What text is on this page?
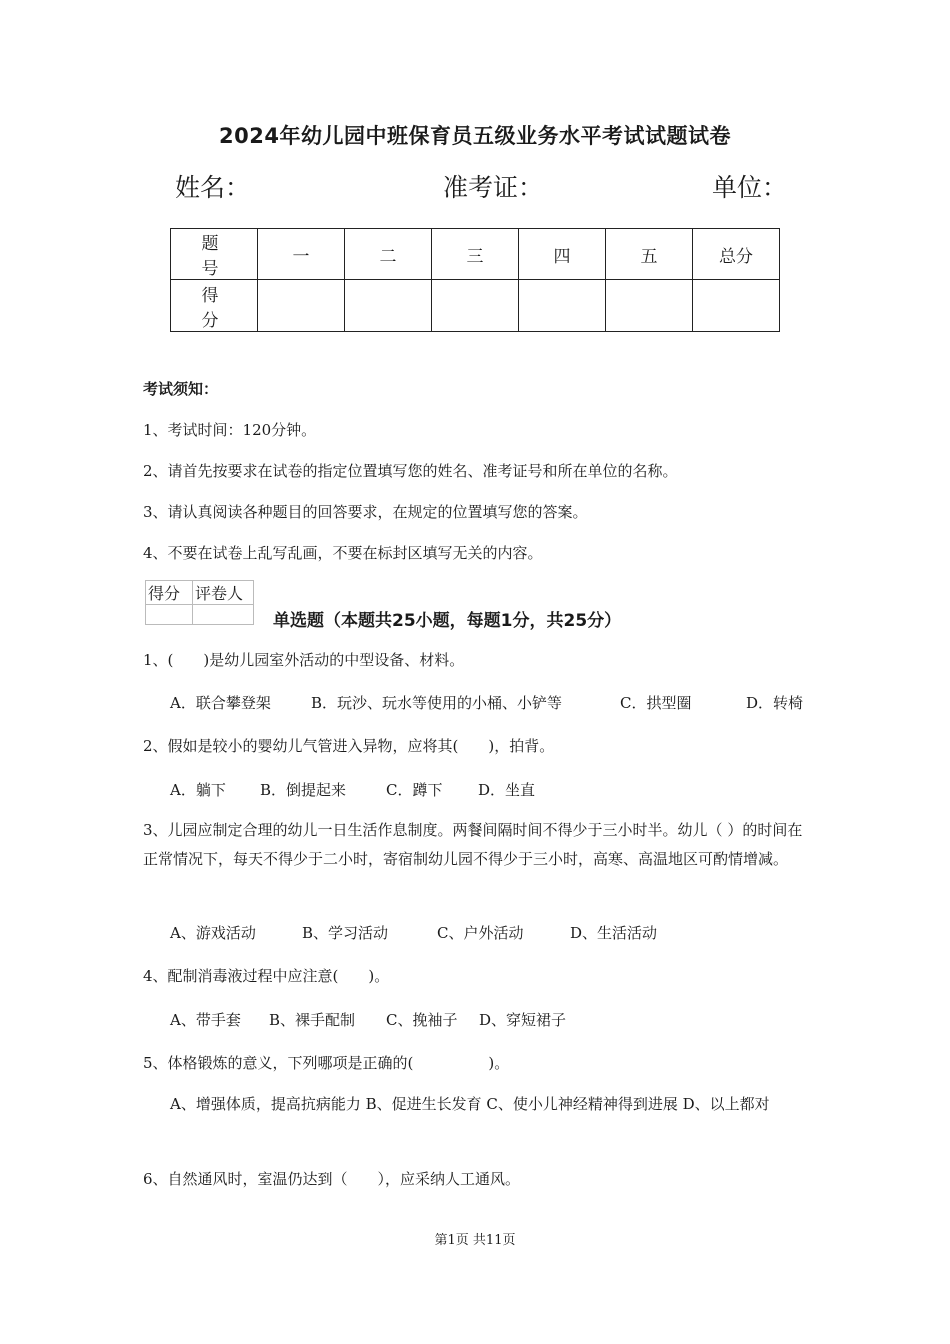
2024年幼儿园中班保育员五级业务水平考试试题试卷
姓名：	准考证：	单位：
题 号	一	二	三	四	五	总分
得 分						
考试须知：
1、考试时间：120分钟。
2、请首先按要求在试卷的指定位置填写您的姓名、准考证号和所在单位的名称。
3、请认真阅读各种题目的回答要求，在规定的位置填写您的答案。
4、不要在试卷上乱写乱画，不要在标封区填写无关的内容。
得分	评卷人

单选题（本题共25小题，每题1分，共25分）
1、(　　)是幼儿园室外活动的中型设备、材料。
A．联合攀登架	B．玩沙、玩水等使用的小桶、小铲等	C．拱型圈	D．转椅
2、假如是较小的婴幼儿气管进入异物，应将其(　　)，拍背。
A．躺下 B．倒提起来	C．蹲下 D．坐直
3、儿园应制定合理的幼儿一日生活作息制度。两餐间隔时间不得少于三小时半。幼儿（ ）的时间在正常情况下，每天不得少于二小时，寄宿制幼儿园不得少于三小时，高寒、高温地区可酌情增减。
A、游戏活动	B、学习活动	C、户外活动	D、生活活动
4、配制消毒液过程中应注意(　　)。
A、带手套 B、裸手配制 C、挽袖子 D、穿短裙子
5、体格锻炼的意义，下列哪项是正确的(　　　　　)。
A、增强体质，提高抗病能力 B、促进生长发育 C、使小儿神经精神得到进展 D、以上都对
6、自然通风时，室温仍达到（　　），应采纳人工通风。
第1页 共11页
